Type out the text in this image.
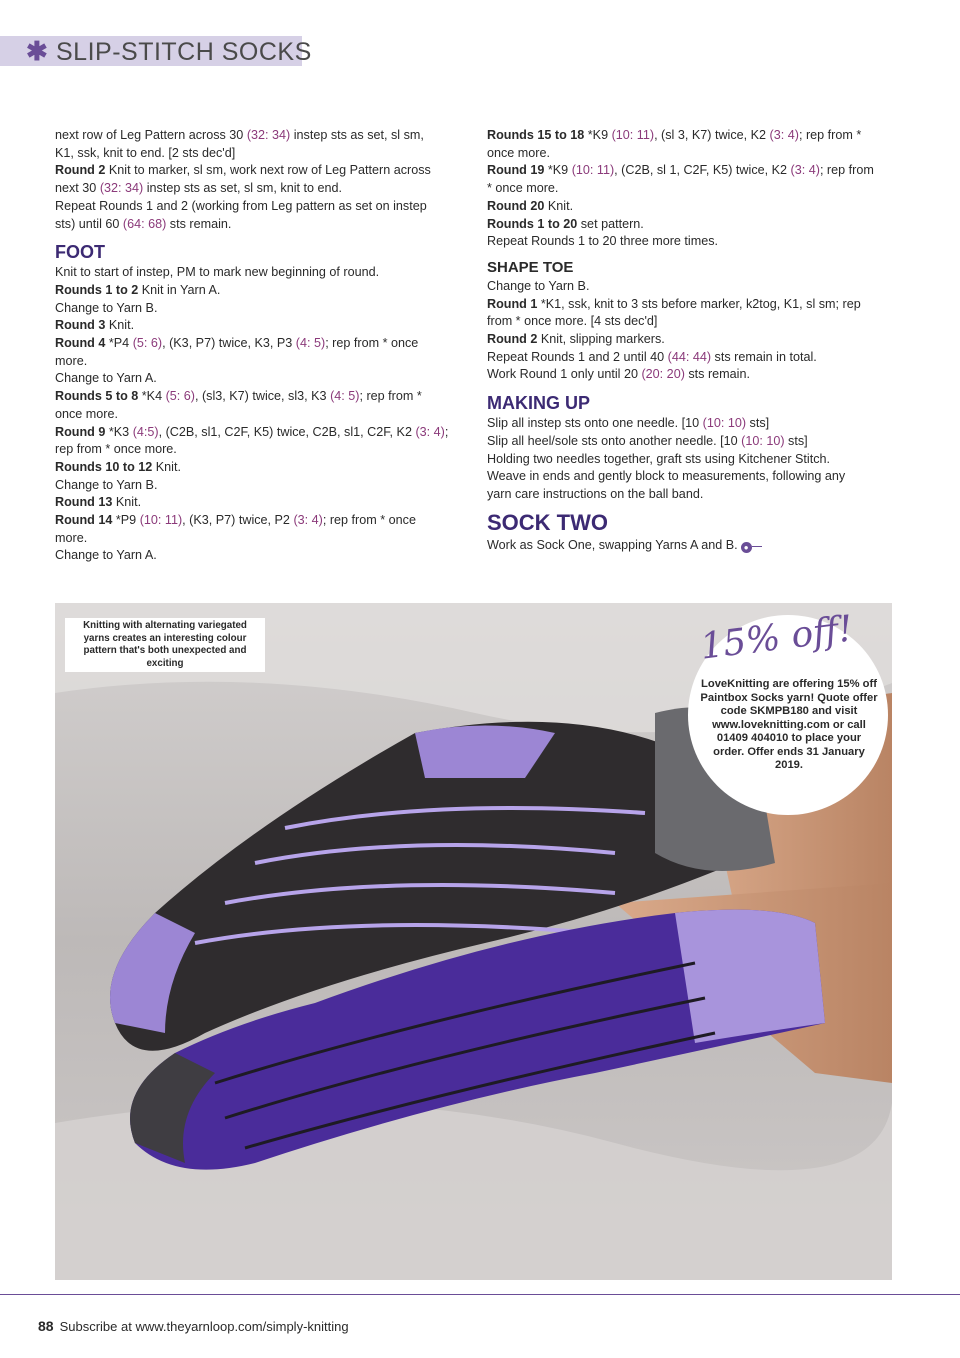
✱ SLIP-STITCH SOCKS
next row of Leg Pattern across 30 (32: 34) instep sts as set, sl sm,
K1, ssk, knit to end. [2 sts dec'd]
Round 2 Knit to marker, sl sm, work next row of Leg Pattern across
next 30 (32: 34) instep sts as set, sl sm, knit to end.
Repeat Rounds 1 and 2 (working from Leg pattern as set on instep
sts) until 60 (64: 68) sts remain.
FOOT
Knit to start of instep, PM to mark new beginning of round.
Rounds 1 to 2 Knit in Yarn A.
Change to Yarn B.
Round 3 Knit.
Round 4 *P4 (5: 6), (K3, P7) twice, K3, P3 (4: 5); rep from * once
more.
Change to Yarn A.
Rounds 5 to 8 *K4 (5: 6), (sl3, K7) twice, sl3, K3 (4: 5); rep from *
once more.
Round 9 *K3 (4:5), (C2B, sl1, C2F, K5) twice, C2B, sl1, C2F, K2 (3: 4);
rep from * once more.
Rounds 10 to 12 Knit.
Change to Yarn B.
Round 13 Knit.
Round 14 *P9 (10: 11), (K3, P7) twice, P2 (3: 4); rep from * once
more.
Change to Yarn A.
Rounds 15 to 18 *K9 (10: 11), (sl 3, K7) twice, K2 (3: 4); rep from *
once more.
Round 19 *K9 (10: 11), (C2B, sl 1, C2F, K5) twice, K2 (3: 4); rep from
* once more.
Round 20 Knit.
Rounds 1 to 20 set pattern.
Repeat Rounds 1 to 20 three more times.
SHAPE TOE
Change to Yarn B.
Round 1 *K1, ssk, knit to 3 sts before marker, k2tog, K1, sl sm; rep
from * once more. [4 sts dec'd]
Round 2 Knit, slipping markers.
Repeat Rounds 1 and 2 until 40 (44: 44) sts remain in total.
Work Round 1 only until 20 (20: 20) sts remain.
MAKING UP
Slip all instep sts onto one needle. [10 (10: 10) sts]
Slip all heel/sole sts onto another needle. [10 (10: 10) sts]
Holding two needles together, graft sts using Kitchener Stitch.
Weave in ends and gently block to measurements, following any
yarn care instructions on the ball band.
SOCK TWO
Work as Sock One, swapping Yarns A and B. ●
Knitting with alternating variegated yarns creates an interesting colour pattern that's both unexpected and exciting	15% off!
LoveKnitting are offering 15% off Paintbox Socks yarn! Quote offer code SKMPB180 and visit www.loveknitting.com or call 01409 404010 to place your order. Offer ends 31 January 2019.
88 Subscribe at www.theyarnloop.com/simply-knitting
